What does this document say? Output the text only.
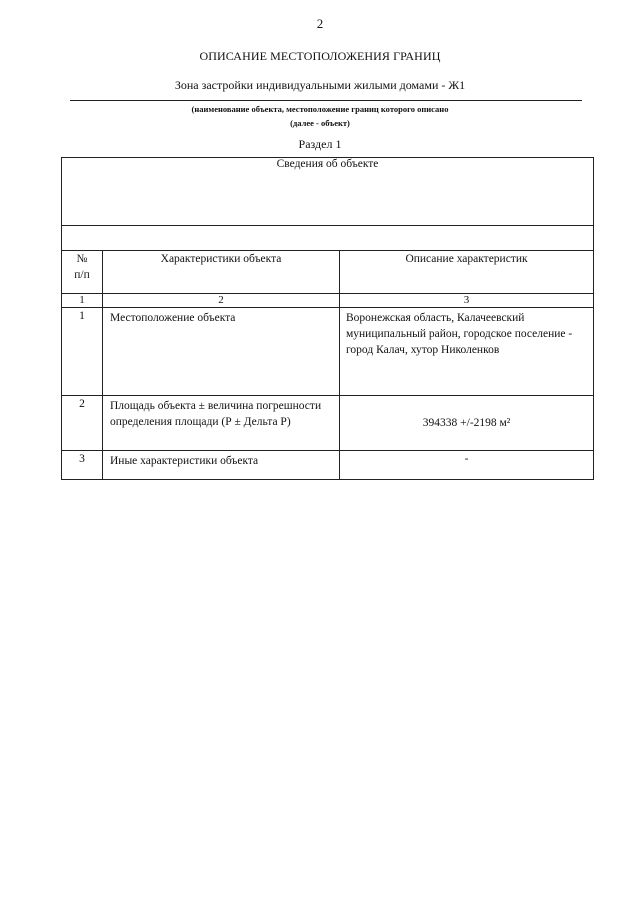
2
ОПИСАНИЕ МЕСТОПОЛОЖЕНИЯ ГРАНИЦ
Зона застройки индивидуальными жилыми домами - Ж1
(наименование объекта, местоположение границ которого описано
(далее - объект)
Раздел 1
Сведения об объекте		

№
п/п	Характеристики объекта	Описание характеристик
1	2	3
1	Местоположение объекта	Воронежская область, Калачеевский муниципальный район, городское поселение - город Калач, хутор Николенков
2	Площадь объекта ± величина погрешности определения площади (Р ± Дельта Р)	394338 +/-2198 м²
3	Иные характеристики объекта	-
